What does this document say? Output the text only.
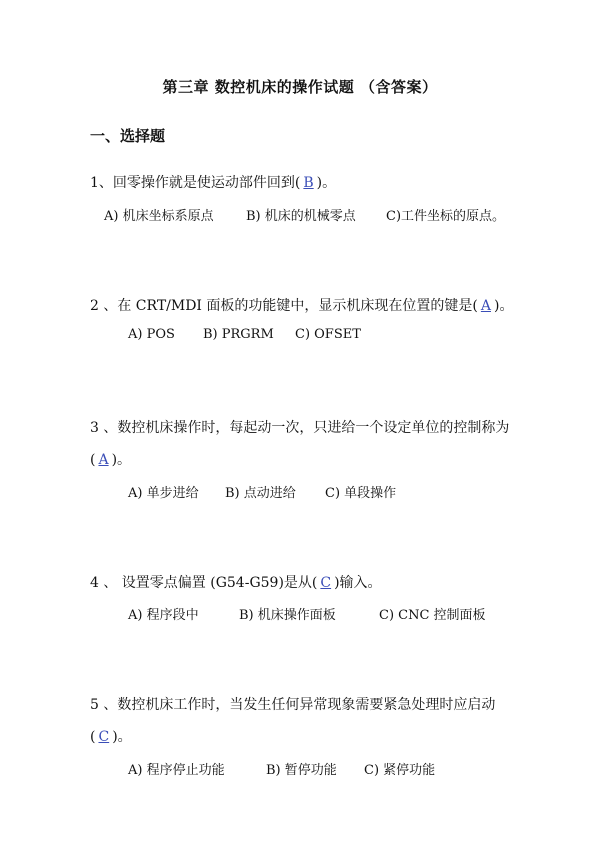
第三章 数控机床的操作试题 （含答案）
一、选择题
1、回零操作就是使运动部件回到( B )。
A) 机床坐标系原点 B) 机床的机械零点 C)工件坐标的原点。
2 、在 CRT/MDI 面板的功能键中，显示机床现在位置的键是( A )。
A) POS B) PRGRM C) OFSET
3 、数控机床操作时，每起动一次，只进给一个设定单位的控制称为
( A )。
A) 单步进给 B) 点动进给 C) 单段操作
4 、 设置零点偏置 (G54-G59)是从( C )输入。
A) 程序段中	B) 机床操作面板	C) CNC 控制面板
5 、数控机床工作时，当发生任何异常现象需要紧急处理时应启动
( C )。
A) 程序停止功能	B) 暂停功能 C) 紧停功能
